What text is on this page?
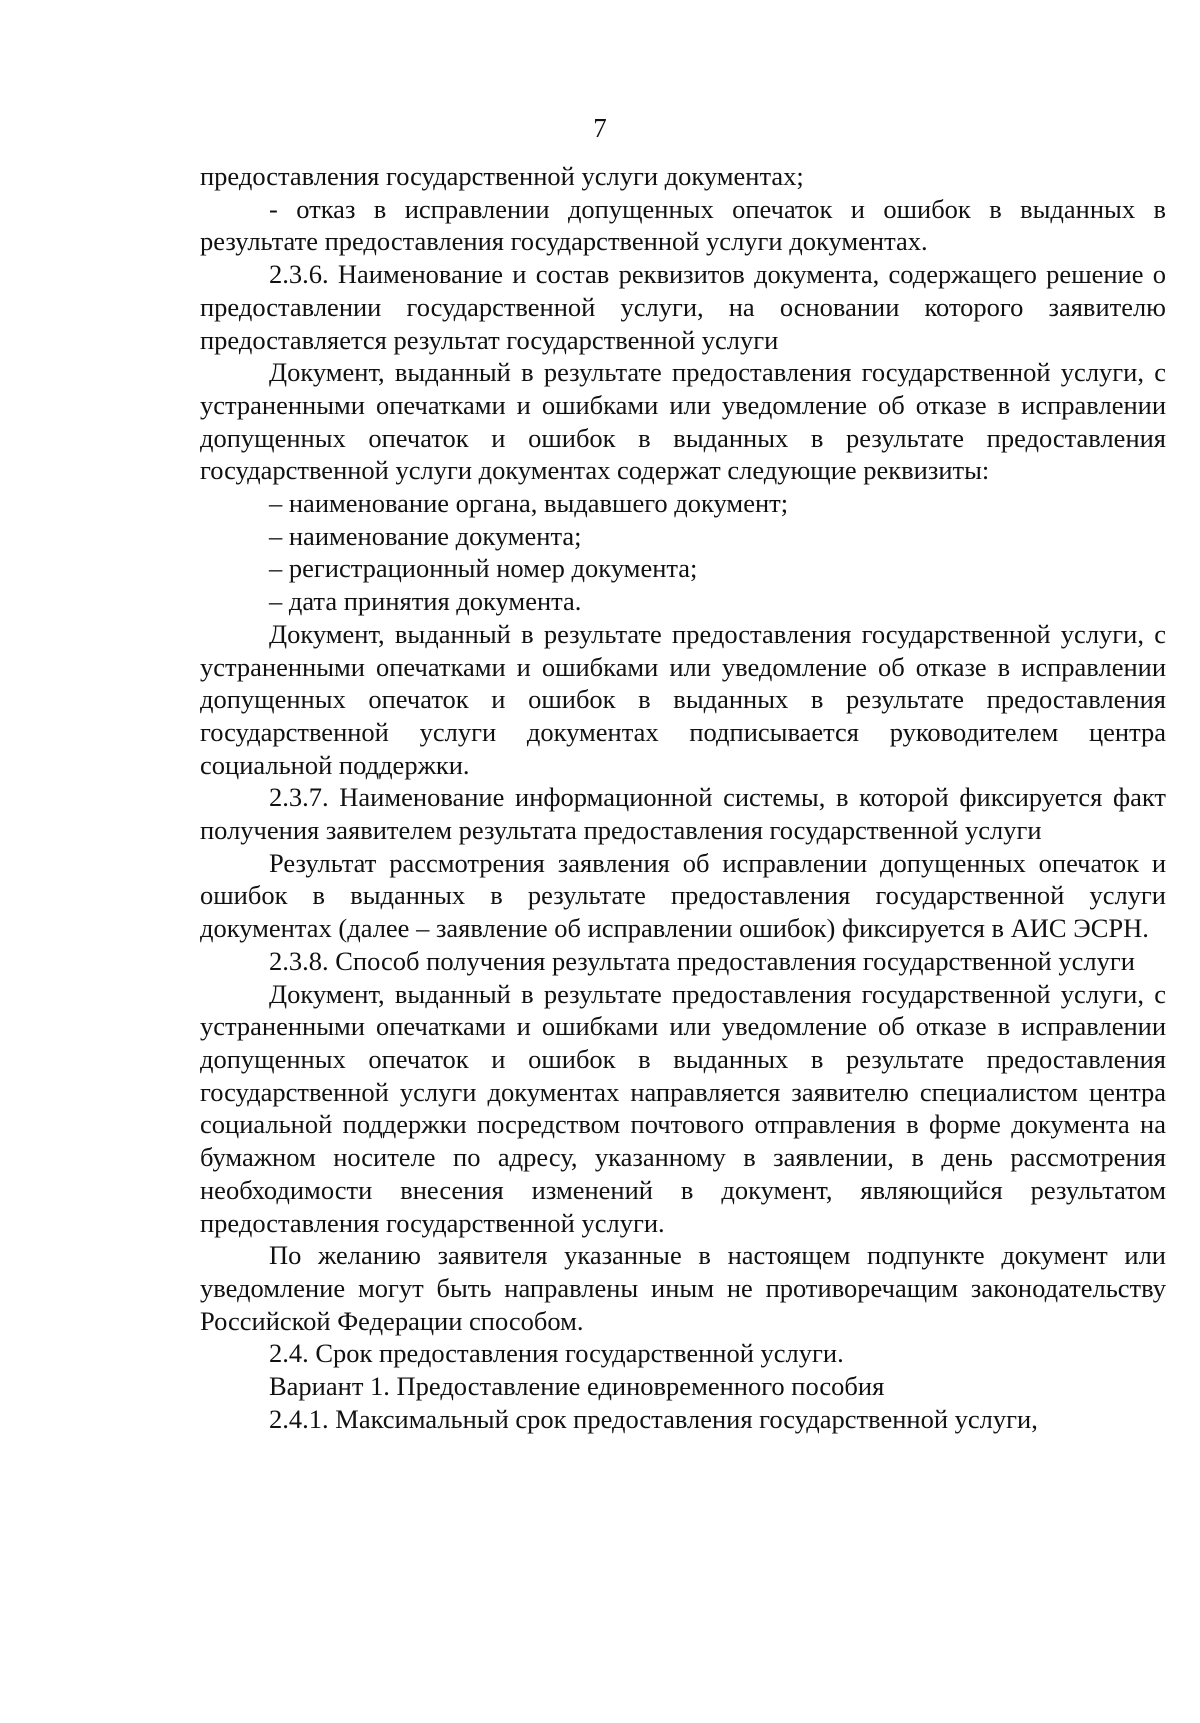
7

предоставления государственной услуги документах;

- отказ в исправлении допущенных опечаток и ошибок в выданных в результате предоставления государственной услуги документах.

2.3.6. Наименование и состав реквизитов документа, содержащего решение о предоставлении государственной услуги, на основании которого заявителю предоставляется результат государственной услуги

Документ, выданный в результате предоставления государственной услуги, с устраненными опечатками и ошибками или уведомление об отказе в исправлении допущенных опечаток и ошибок в выданных в результате предоставления государственной услуги документах содержат следующие реквизиты:

– наименование органа, выдавшего документ;

– наименование документа;

– регистрационный номер документа;

– дата принятия документа.

Документ, выданный в результате предоставления государственной услуги, с устраненными опечатками и ошибками или уведомление об отказе в исправлении допущенных опечаток и ошибок в выданных в результате предоставления государственной услуги документах подписывается руководителем центра социальной поддержки.

2.3.7. Наименование информационной системы, в которой фиксируется факт получения заявителем результата предоставления государственной услуги

Результат рассмотрения заявления об исправлении допущенных опечаток и ошибок в выданных в результате предоставления государственной услуги документах (далее – заявление об исправлении ошибок) фиксируется в АИС ЭСРН.

2.3.8. Способ получения результата предоставления государственной услуги

Документ, выданный в результате предоставления государственной услуги, с устраненными опечатками и ошибками или уведомление об отказе в исправлении допущенных опечаток и ошибок в выданных в результате предоставления государственной услуги документах направляется заявителю специалистом центра социальной поддержки посредством почтового отправления в форме документа на бумажном носителе по адресу, указанному в заявлении, в день рассмотрения необходимости внесения изменений в документ, являющийся результатом предоставления государственной услуги.

По желанию заявителя указанные в настоящем подпункте документ или уведомление могут быть направлены иным не противоречащим законодательству Российской Федерации способом.

2.4. Срок предоставления государственной услуги.

Вариант 1. Предоставление единовременного пособия

2.4.1. Максимальный срок предоставления государственной услуги,
